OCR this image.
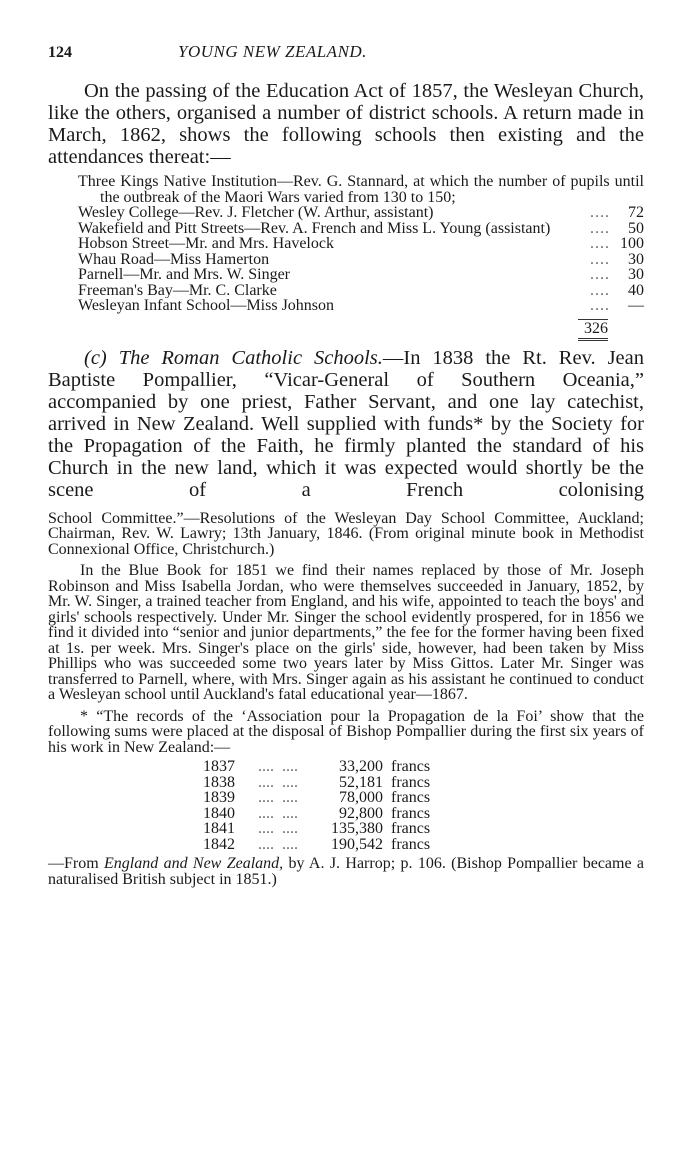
124	YOUNG NEW ZEALAND.

On the passing of the Education Act of 1857, the Wesleyan Church, like the others, organised a number of district schools. A return made in March, 1862, shows the following schools then existing and the attendances thereat:—

Three Kings Native Institution—Rev. G. Stannard, at which the number of pupils until the outbreak of the Maori Wars varied from 130 to 150;
Wesley College—Rev. J. Fletcher (W. Arthur, assistant)	....	72
Wakefield and Pitt Streets—Rev. A. French and Miss L. Young (assistant)	....	50
Hobson Street—Mr. and Mrs. Havelock	.... 100
Whau Road—Miss Hamerton	....	30
Parnell—Mr. and Mrs. W. Singer	....	30
Freeman's Bay—Mr. C. Clarke	....	40
Wesleyan Infant School—Miss Johnson	....	—
326

(c) The Roman Catholic Schools.—In 1838 the Rt. Rev. Jean Baptiste Pompallier, “Vicar-General of Southern Oceania,” accompanied by one priest, Father Servant, and one lay catechist, arrived in New Zealand. Well supplied with funds* by the Society for the Propagation of the Faith, he firmly planted the standard of his Church in the new land, which it was expected would shortly be the scene of a French colonising

School Committee.”—Resolutions of the Wesleyan Day School Committee, Auckland; Chairman, Rev. W. Lawry; 13th January, 1846. (From original minute book in Methodist Connexional Office, Christchurch.)

In the Blue Book for 1851 we find their names replaced by those of Mr. Joseph Robinson and Miss Isabella Jordan, who were themselves succeeded in January, 1852, by Mr. W. Singer, a trained teacher from England, and his wife, appointed to teach the boys' and girls' schools respectively. Under Mr. Singer the school evidently prospered, for in 1856 we find it divided into “senior and junior departments,” the fee for the former having been fixed at 1s. per week. Mrs. Singer's place on the girls' side, however, had been taken by Miss Phillips who was succeeded some two years later by Miss Gittos. Later Mr. Singer was transferred to Parnell, where, with Mrs. Singer again as his assistant he continued to conduct a Wesleyan school until Auckland's fatal educational year—1867.

* “The records of the ‘Association pour la Propagation de la Foi’ show that the following sums were placed at the disposal of Bishop Pompallier during the first six years of his work in New Zealand:—

1837	....  ....	33,200 francs
1838	....  ....	52,181 francs
1839	....  ....	78,000 francs
1840	....  ....	92,800 francs
1841	....  ....	135,380 francs
1842	....  ....	190,542 francs

—From England and New Zealand, by A. J. Harrop; p. 106. (Bishop Pompallier became a naturalised British subject in 1851.)
